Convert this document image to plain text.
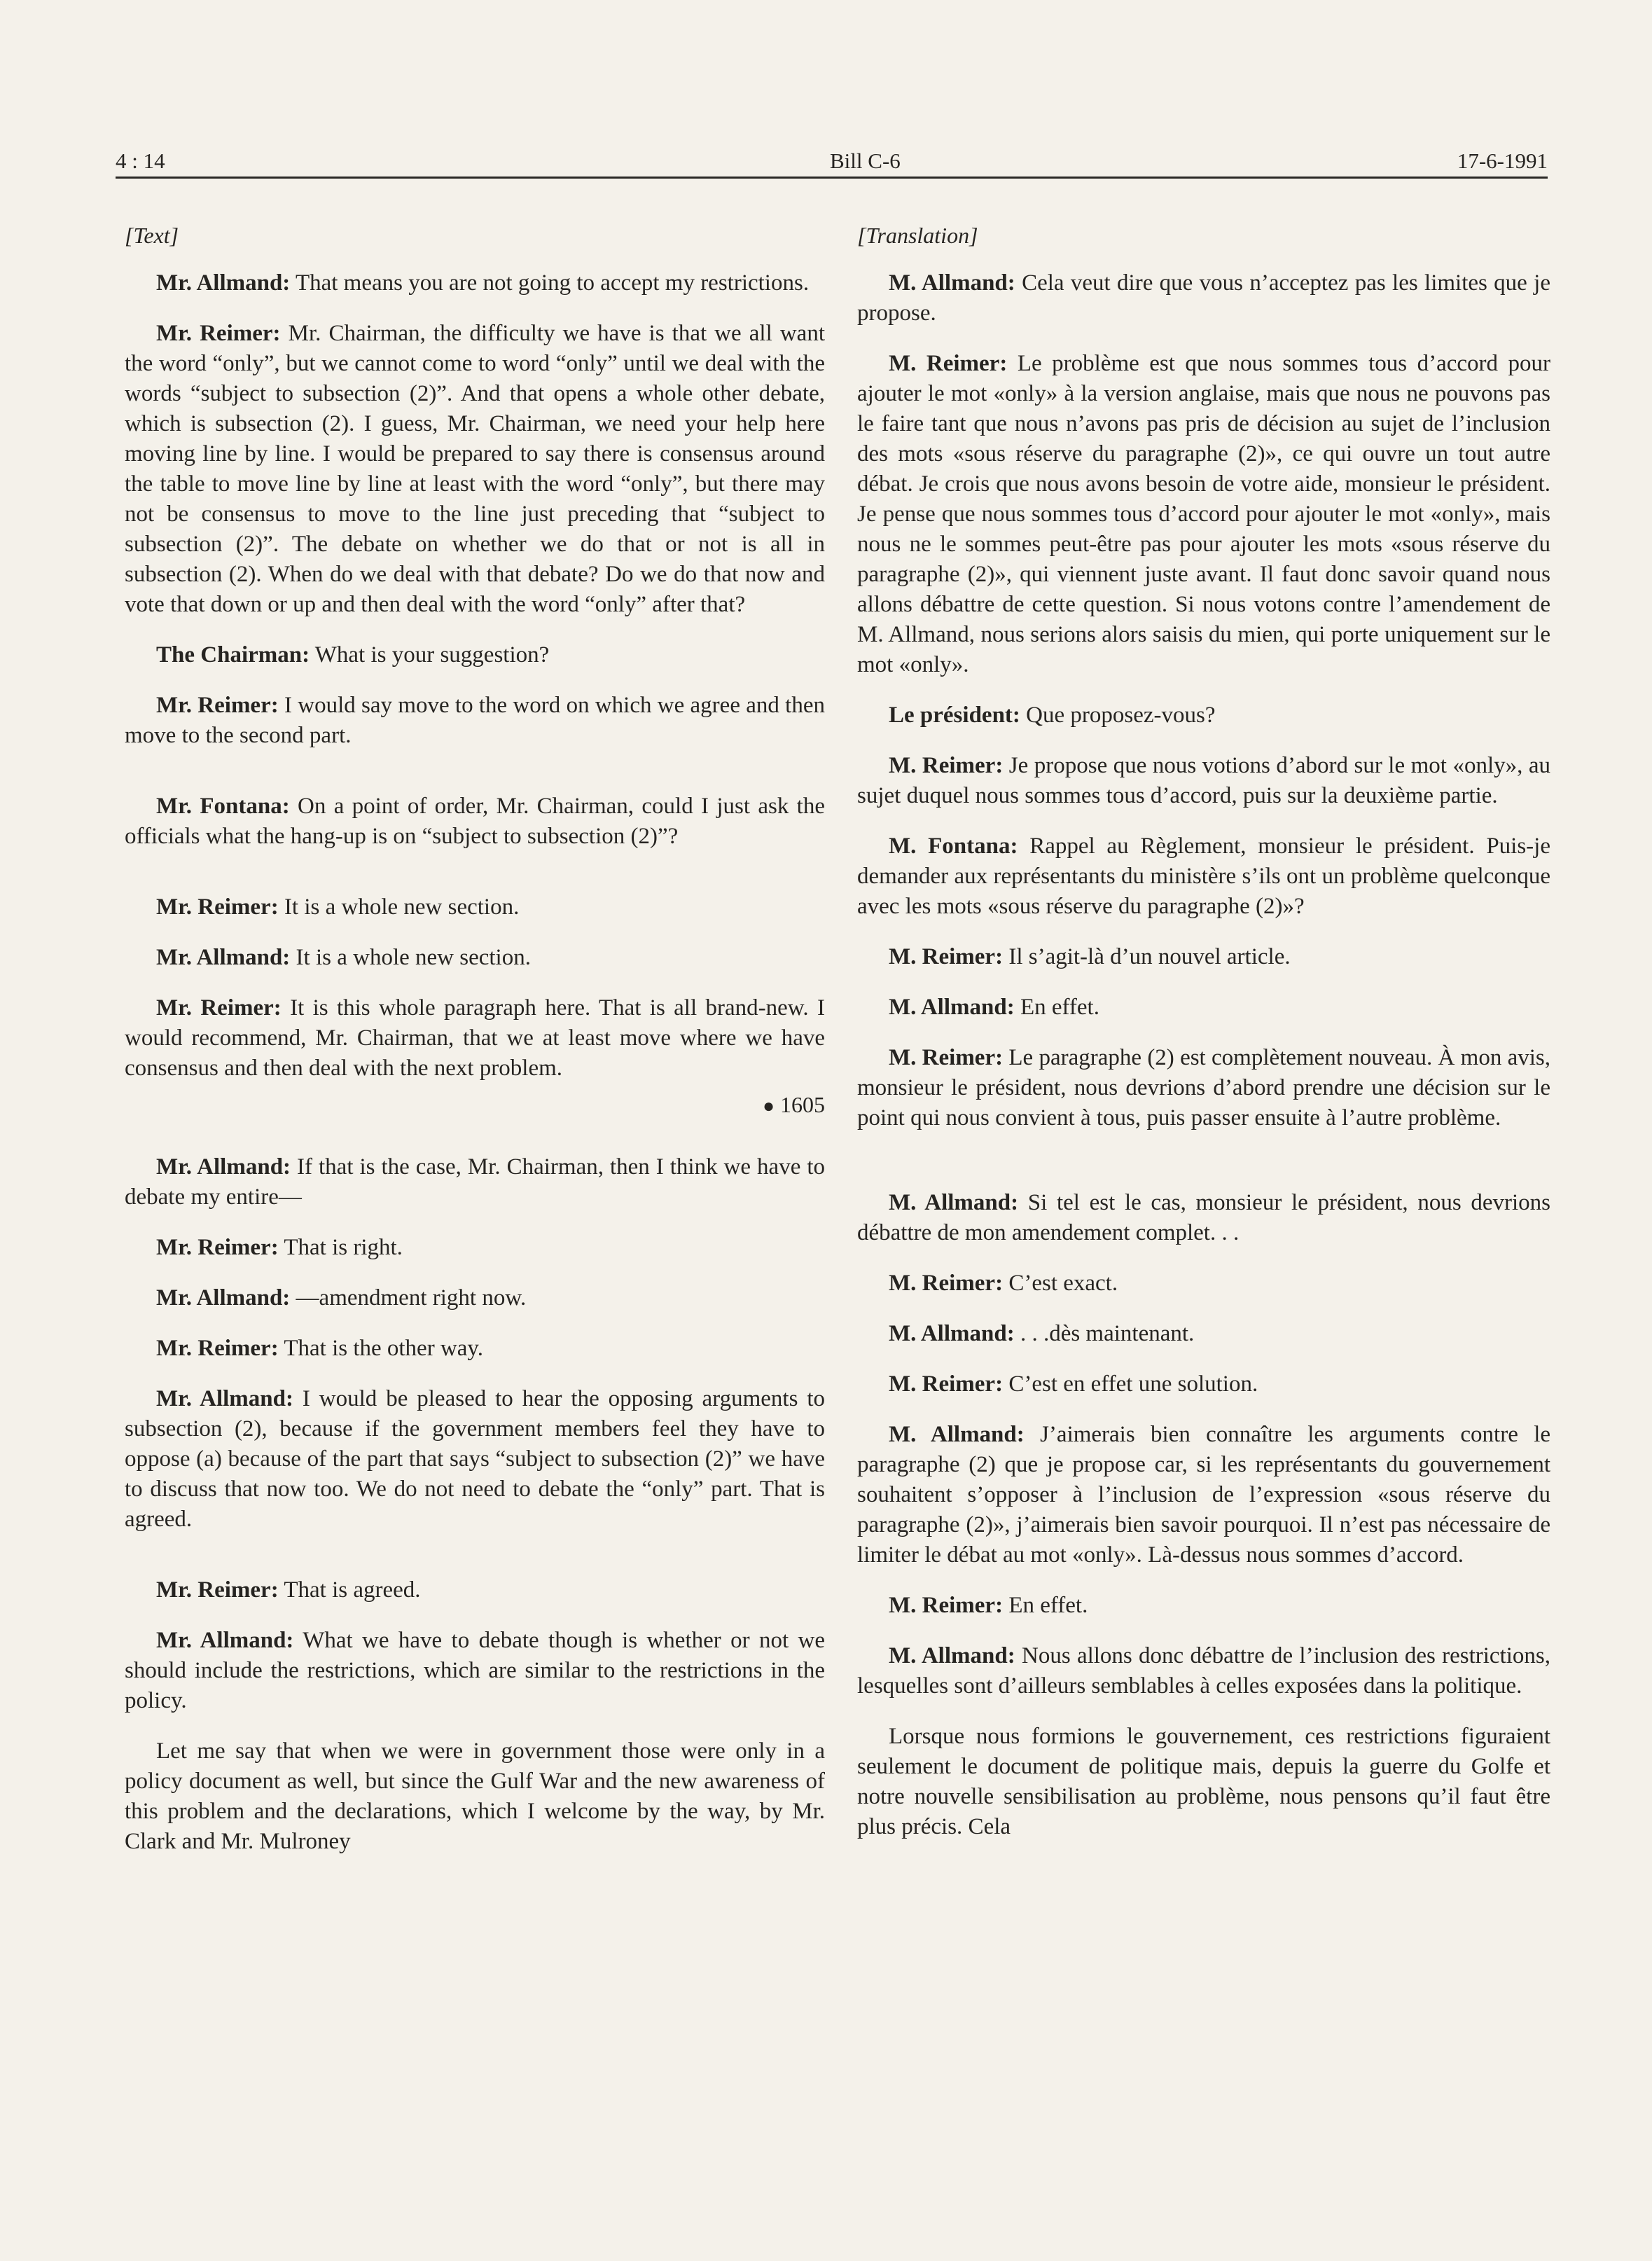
4 : 14	Bill C-6	17-6-1991
[Text]

Mr. Allmand: That means you are not going to accept my restrictions.

Mr. Reimer: Mr. Chairman, the difficulty we have is that we all want the word “only”, but we cannot come to word “only” until we deal with the words “subject to subsection (2)”. And that opens a whole other debate, which is subsection (2). I guess, Mr. Chairman, we need your help here moving line by line. I would be prepared to say there is consensus around the table to move line by line at least with the word “only”, but there may not be consensus to move to the line just preceding that “subject to subsection (2)”. The debate on whether we do that or not is all in subsection (2). When do we deal with that debate? Do we do that now and vote that down or up and then deal with the word “only” after that?

The Chairman: What is your suggestion?

Mr. Reimer: I would say move to the word on which we agree and then move to the second part.

Mr. Fontana: On a point of order, Mr. Chairman, could I just ask the officials what the hang-up is on “subject to subsection (2)”?

Mr. Reimer: It is a whole new section.

Mr. Allmand: It is a whole new section.

Mr. Reimer: It is this whole paragraph here. That is all brand-new. I would recommend, Mr. Chairman, that we at least move where we have consensus and then deal with the next problem.

● 1605

Mr. Allmand: If that is the case, Mr. Chairman, then I think we have to debate my entire—

Mr. Reimer: That is right.

Mr. Allmand: —amendment right now.

Mr. Reimer: That is the other way.

Mr. Allmand: I would be pleased to hear the opposing arguments to subsection (2), because if the government members feel they have to oppose (a) because of the part that says “subject to subsection (2)” we have to discuss that now too. We do not need to debate the “only” part. That is agreed.

Mr. Reimer: That is agreed.

Mr. Allmand: What we have to debate though is whether or not we should include the restrictions, which are similar to the restrictions in the policy.

Let me say that when we were in government those were only in a policy document as well, but since the Gulf War and the new awareness of this problem and the declarations, which I welcome by the way, by Mr. Clark and Mr. Mulroney

[Translation]

M. Allmand: Cela veut dire que vous n’acceptez pas les limites que je propose.

M. Reimer: Le problème est que nous sommes tous d’accord pour ajouter le mot «only» à la version anglaise, mais que nous ne pouvons pas le faire tant que nous n’avons pas pris de décision au sujet de l’inclusion des mots «sous réserve du paragraphe (2)», ce qui ouvre un tout autre débat. Je crois que nous avons besoin de votre aide, monsieur le président. Je pense que nous sommes tous d’accord pour ajouter le mot «only», mais nous ne le sommes peut-être pas pour ajouter les mots «sous réserve du paragraphe (2)», qui viennent juste avant. Il faut donc savoir quand nous allons débattre de cette question. Si nous votons contre l’amendement de M. Allmand, nous serions alors saisis du mien, qui porte uniquement sur le mot «only».

Le président: Que proposez-vous?

M. Reimer: Je propose que nous votions d’abord sur le mot «only», au sujet duquel nous sommes tous d’accord, puis sur la deuxième partie.

M. Fontana: Rappel au Règlement, monsieur le président. Puis-je demander aux représentants du ministère s’ils ont un problème quelconque avec les mots «sous réserve du paragraphe (2)»?

M. Reimer: Il s’agit-là d’un nouvel article.

M. Allmand: En effet.

M. Reimer: Le paragraphe (2) est complètement nouveau. À mon avis, monsieur le président, nous devrions d’abord prendre une décision sur le point qui nous convient à tous, puis passer ensuite à l’autre problème.

M. Allmand: Si tel est le cas, monsieur le président, nous devrions débattre de mon amendement complet. . .

M. Reimer: C’est exact.

M. Allmand: . . .dès maintenant.

M. Reimer: C’est en effet une solution.

M. Allmand: J’aimerais bien connaître les arguments contre le paragraphe (2) que je propose car, si les représentants du gouvernement souhaitent s’opposer à l’inclusion de l’expression «sous réserve du paragraphe (2)», j’aimerais bien savoir pourquoi. Il n’est pas nécessaire de limiter le débat au mot «only». Là-dessus nous sommes d’accord.

M. Reimer: En effet.

M. Allmand: Nous allons donc débattre de l’inclusion des restrictions, lesquelles sont d’ailleurs semblables à celles exposées dans la politique.

Lorsque nous formions le gouvernement, ces restrictions figuraient seulement le document de politique mais, depuis la guerre du Golfe et notre nouvelle sensibilisation au problème, nous pensons qu’il faut être plus précis. Cela
